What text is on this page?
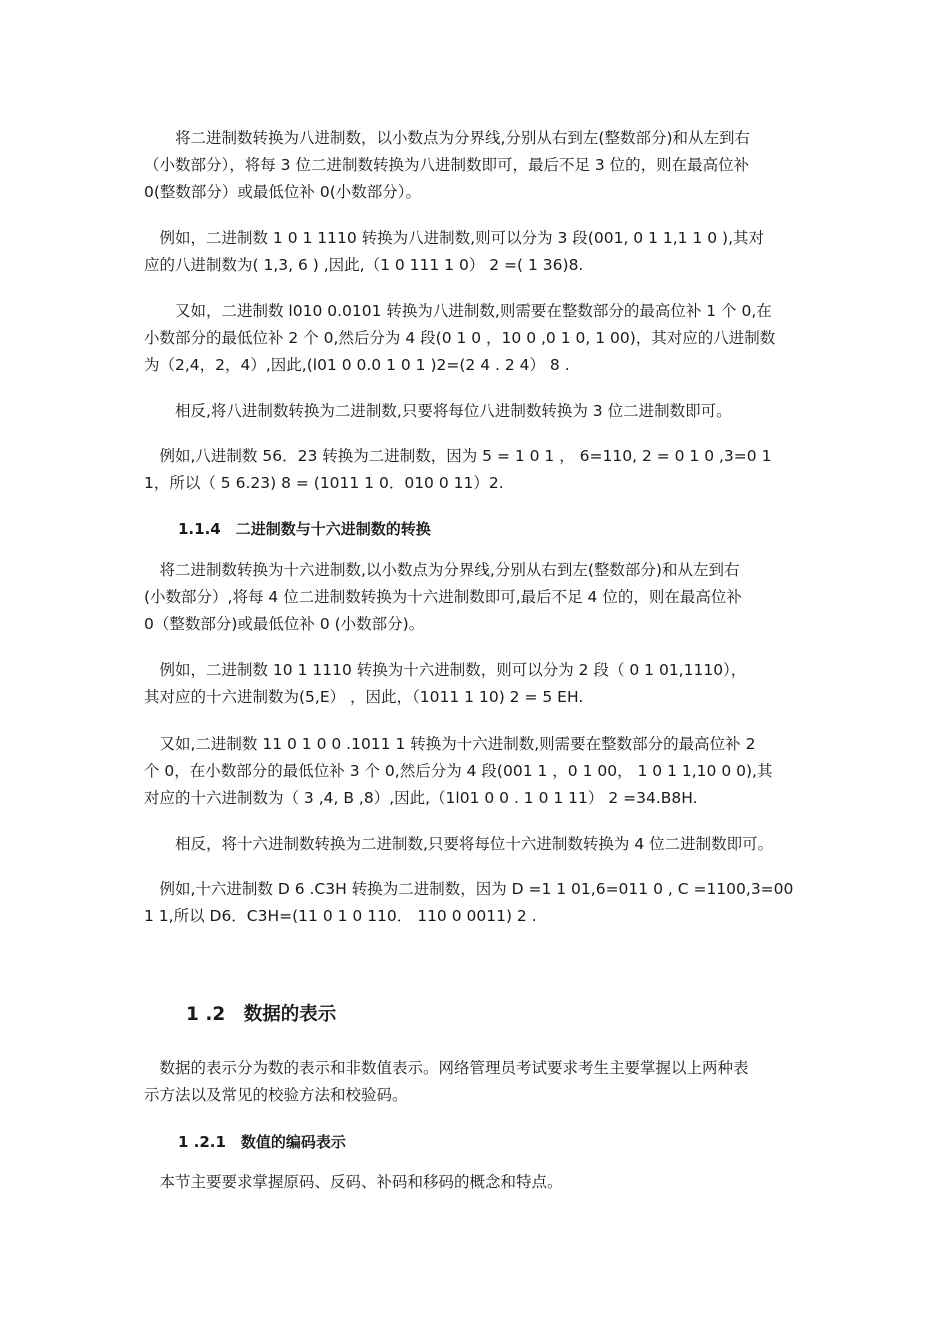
　　将二进制数转换为八进制数，以小数点为分界线,分别从右到左(整数部分)和从左到右
（小数部分），将每 3 位二进制数转换为八进制数即可，最后不足 3 位的，则在最高位补
0(整数部分）或最低位补 0(小数部分）。
　例如，二进制数 1 0 1 1110 转换为八进制数,则可以分为 3 段(001, 0 1 1,1 1 0 ),其对
应的八进制数为( 1,3, 6 ) ,因此,（1 0 111 1 0） 2 =( 1 36)8.
　　又如，二进制数 l010 0.0101 转换为八进制数,则需要在整数部分的最高位补 1 个 0,在
小数部分的最低位补 2 个 0,然后分为 4 段(0 1 0 ，10 0 ,0 1 0, 1 00)，其对应的八进制数
为（2,4，2，4）,因此,(l01 0 0.0 1 0 1 )2=(2 4 . 2 4） 8 .
　　相反,将八进制数转换为二进制数,只要将每位八进制数转换为 3 位二进制数即可。
　例如,八进制数 56．23 转换为二进制数，因为 5 = 1 0 1 ， 6=110, 2 = 0 1 0 ,3=0 1
1，所以（ 5 6.23) 8 = (1011 1 0．010 0 11）2.
1.1.4　二进制数与十六进制数的转换
　将二进制数转换为十六进制数,以小数点为分界线,分别从右到左(整数部分)和从左到右
(小数部分）,将每 4 位二进制数转换为十六进制数即可,最后不足 4 位的，则在最高位补
0（整数部分)或最低位补 0 (小数部分)。
　例如，二进制数 10 1 1110 转换为十六进制数，则可以分为 2 段（ 0 1 01,1110），
其对应的十六进制数为(5,E） ，因此，（1011 1 10) 2 = 5 EH.
　又如,二进制数 11 0 1 0 0 .1011 1 转换为十六进制数,则需要在整数部分的最高位补 2
个 0，在小数部分的最低位补 3 个 0,然后分为 4 段(001 1 ，0 1 00， 1 0 1 1,10 0 0),其
对应的十六进制数为（ 3 ,4, B ,8）,因此,（1l01 0 0 . 1 0 1 11） 2 =34.B8H.
　　相反，将十六进制数转换为二进制数,只要将每位十六进制数转换为 4 位二进制数即可。
　例如,十六进制数 D 6 .C3H 转换为二进制数，因为 D =1 1 01,6=011 0 , C =1100,3=00
1 1,所以 D6．C3H=(11 0 1 0 110． 110 0 0011) 2 .
1 .2　数据的表示
　数据的表示分为数的表示和非数值表示。网络管理员考试要求考生主要掌握以上两种表
示方法以及常见的校验方法和校验码。
1 .2.1　数值的编码表示
　本节主要要求掌握原码、反码、补码和移码的概念和特点。
